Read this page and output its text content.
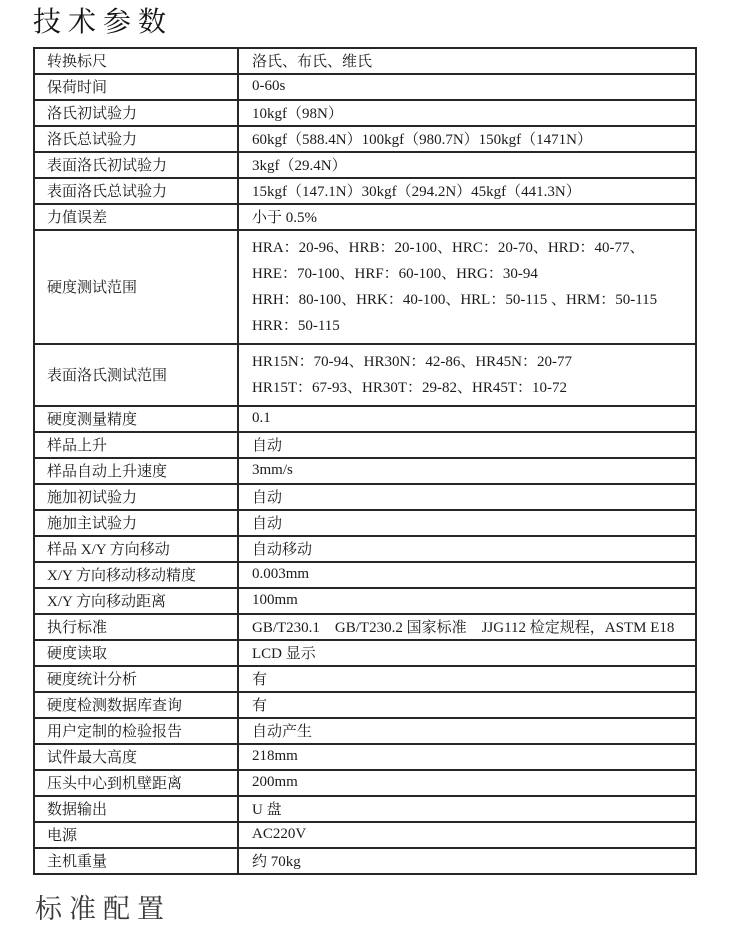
技术参数
转换标尺	洛氏、布氏、维氏
保荷时间	0-60s
洛氏初试验力	10kgf（98N）
洛氏总试验力	60kgf（588.4N）100kgf（980.7N）150kgf（1471N）
表面洛氏初试验力	3kgf（29.4N）
表面洛氏总试验力	15kgf（147.1N）30kgf（294.2N）45kgf（441.3N）
力值误差	小于 0.5%
硬度测试范围	HRA：20-96、HRB：20-100、HRC：20-70、HRD：40-77、
HRE：70-100、HRF：60-100、HRG：30-94
HRH：80-100、HRK：40-100、HRL：50-115 、HRM：50-115
HRR：50-115

表面洛氏测试范围	HR15N：70-94、HR30N：42-86、HR45N：20-77
HR15T：67-93、HR30T：29-82、HR45T：10-72

硬度测量精度	0.1
样品上升	自动
样品自动上升速度	3mm/s
施加初试验力	自动
施加主试验力	自动
样品 X/Y 方向移动	自动移动
X/Y 方向移动移动精度	0.003mm
X/Y 方向移动距离	100mm
执行标准	GB/T230.1　GB/T230.2 国家标准　JJG112 检定规程，ASTM E18
硬度读取	LCD 显示
硬度统计分析	有
硬度检测数据库查询	有
用户定制的检验报告	自动产生
试件最大高度	218mm
压头中心到机壁距离	200mm
数据输出	U 盘
电源	AC220V
主机重量	约 70kg
标准配置
